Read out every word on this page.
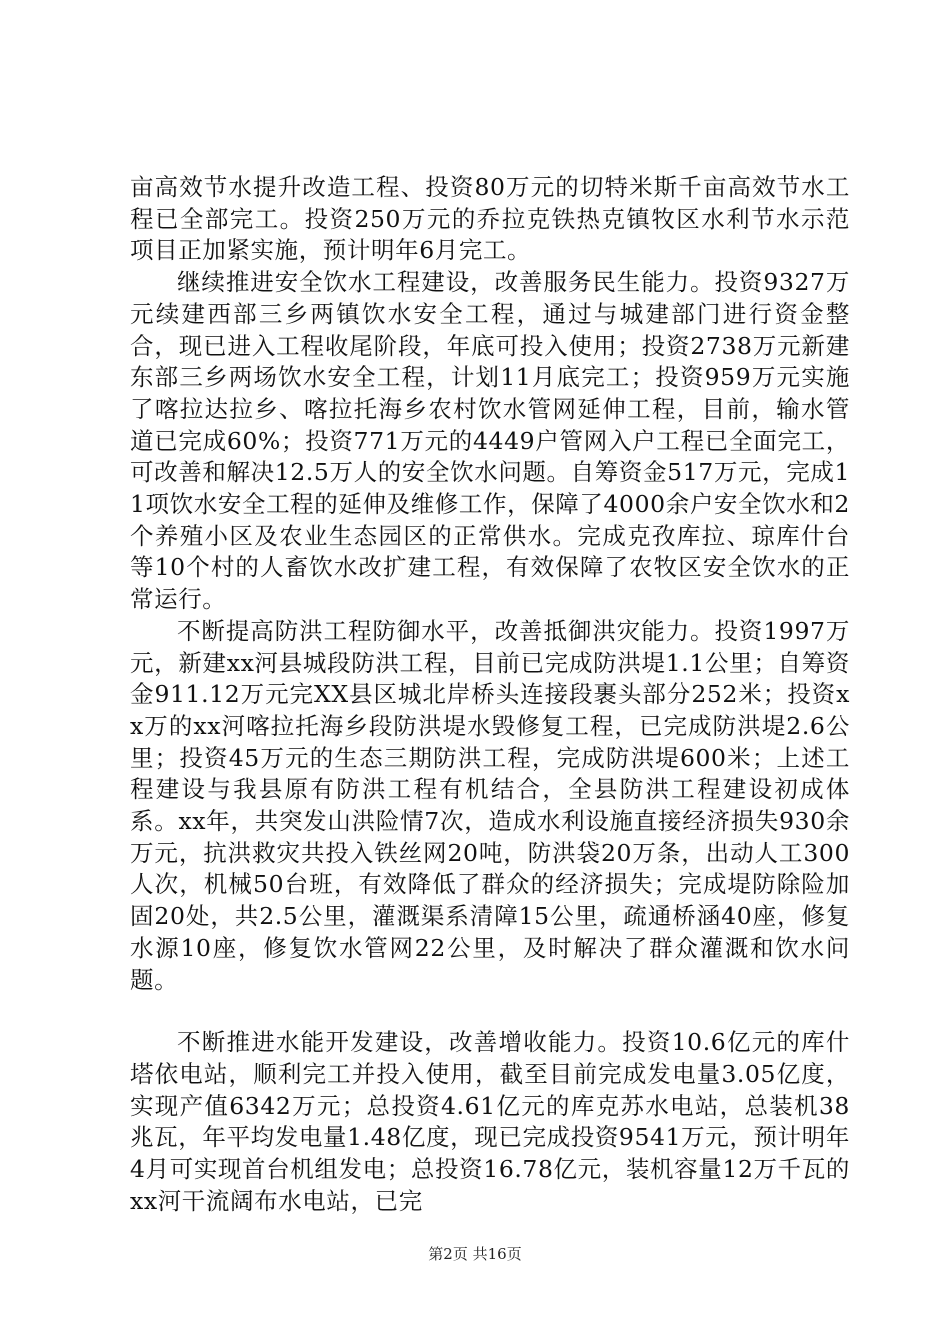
亩高效节水提升改造工程、投资80万元的切特米斯千亩高效节水工程已全部完工。投资250万元的乔拉克铁热克镇牧区水利节水示范项目正加紧实施，预计明年6月完工。

继续推进安全饮水工程建设，改善服务民生能力。投资9327万元续建西部三乡两镇饮水安全工程，通过与城建部门进行资金整合，现已进入工程收尾阶段，年底可投入使用；投资2738万元新建东部三乡两场饮水安全工程，计划11月底完工；投资959万元实施了喀拉达拉乡、喀拉托海乡农村饮水管网延伸工程，目前，输水管道已完成60%；投资771万元的4449户管网入户工程已全面完工，可改善和解决12.5万人的安全饮水问题。自筹资金517万元，完成11项饮水安全工程的延伸及维修工作，保障了4000余户安全饮水和2个养殖小区及农业生态园区的正常供水。完成克孜库拉、琼库什台等10个村的人畜饮水改扩建工程，有效保障了农牧区安全饮水的正常运行。

不断提高防洪工程防御水平，改善抵御洪灾能力。投资1997万元，新建xx河县城段防洪工程，目前已完成防洪堤1.1公里；自筹资金911.12万元完XX县区城北岸桥头连接段裹头部分252米；投资xx万的xx河喀拉托海乡段防洪堤水毁修复工程，已完成防洪堤2.6公里；投资45万元的生态三期防洪工程，完成防洪堤600米；上述工程建设与我县原有防洪工程有机结合，全县防洪工程建设初成体系。xx年，共突发山洪险情7次，造成水利设施直接经济损失930余万元，抗洪救灾共投入铁丝网20吨，防洪袋20万条，出动人工300人次，机械50台班，有效降低了群众的经济损失；完成堤防除险加固20处，共2.5公里，灌溉渠系清障15公里，疏通桥涵40座，修复水源10座，修复饮水管网22公里，及时解决了群众灌溉和饮水问题。

不断推进水能开发建设，改善增收能力。投资10.6亿元的库什塔依电站，顺利完工并投入使用，截至目前完成发电量3.05亿度，实现产值6342万元；总投资4.61亿元的库克苏水电站，总装机38兆瓦，年平均发电量1.48亿度，现已完成投资9541万元，预计明年4月可实现首台机组发电；总投资16.78亿元，装机容量12万千瓦的xx河干流阔布水电站，已完

第2页 共16页
